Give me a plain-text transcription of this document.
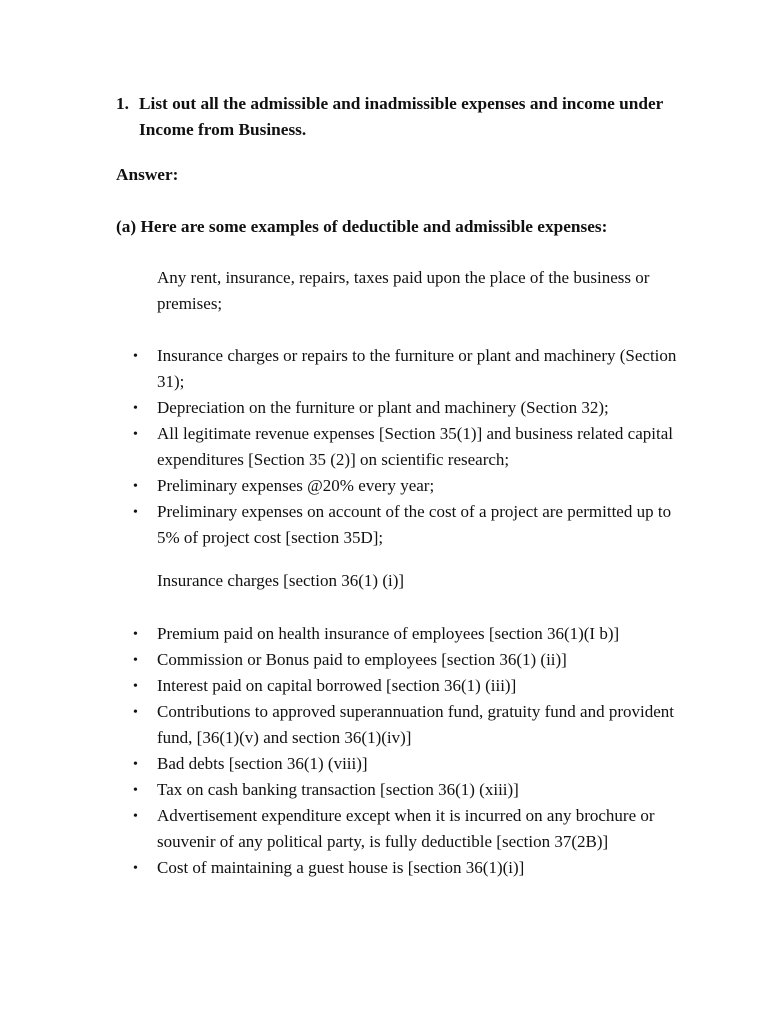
1. List out all the admissible and inadmissible expenses and income under Income from Business.
Answer:
(a) Here are some examples of deductible and admissible expenses:
Any rent, insurance, repairs, taxes paid upon the place of the business or premises;
• Insurance charges or repairs to the furniture or plant and machinery (Section 31);
• Depreciation on the furniture or plant and machinery (Section 32);
• All legitimate revenue expenses [Section 35(1)] and business related capital expenditures [Section 35 (2)] on scientific research;
• Preliminary expenses @20% every year;
• Preliminary expenses on account of the cost of a project are permitted up to 5% of project cost [section 35D];
Insurance charges [section 36(1) (i)]
• Premium paid on health insurance of employees [section 36(1)(I b)]
• Commission or Bonus paid to employees [section 36(1) (ii)]
• Interest paid on capital borrowed [section 36(1) (iii)]
• Contributions to approved superannuation fund, gratuity fund and provident fund, [36(1)(v) and section 36(1)(iv)]
• Bad debts [section 36(1) (viii)]
• Tax on cash banking transaction [section 36(1) (xiii)]
• Advertisement expenditure except when it is incurred on any brochure or souvenir of any political party, is fully deductible [section 37(2B)]
• Cost of maintaining a guest house is [section 36(1)(i)]
